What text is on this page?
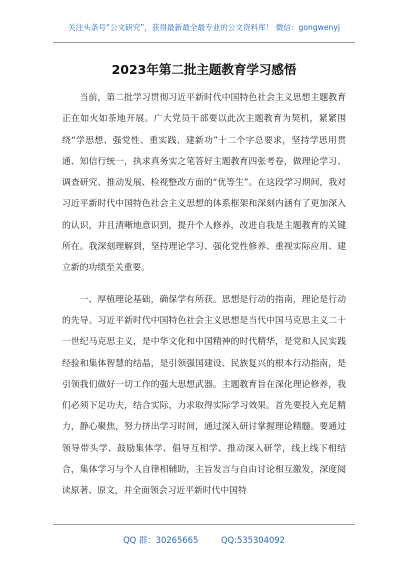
关注头条号“公文研究”，获得最新最全最专业的公文资料库！ 微信：gongwenyj
2023年第二批主题教育学习感悟

当前，第二批学习贯彻习近平新时代中国特色社会主义思想主题教育正在如火如荼地开展。广大党员干部要以此次主题教育为契机，紧紧围绕“学思想、强党性、重实践、建新功”十二个字总要求，坚持学思用贯通、知信行统一，执求真务实之笔答好主题教育四张考卷，做理论学习、调查研究、推动发展、检视整改方面的“优等生”。在这段学习期间，我对习近平新时代中国特色社会主义思想的体系框架和深刻内涵有了更加深入的认识，并且清晰地意识到，提升个人修养，改进自我是主题教育的关键所在。我深刻理解到，坚持理论学习、强化党性修养、重视实际应用、建立新的功绩至关重要。

一、厚植理论基础，确保学有所获。思想是行动的指南，理论是行动的先导。习近平新时代中国特色社会主义思想是当代中国马克思主义二十一世纪马克思主义，是中华文化和中国精神的时代精华，是党和人民实践经验和集体智慧的结晶，是引领强国建设、民族复兴的根本行动指南，是引领我们做好一切工作的强大思想武器。主题教育旨在深化理论修养，我们必须下足功夫，结合实际，力求取得实际学习效果。首先要投入充足精力，静心聚焦，努力挤出学习时间，通过深入研讨掌握理论精髓。要通过领导带头学、鼓励集体学、倡导互相学、推动深入研学，线上线下相结合，集体学习与个人自律相辅助，主旨发言与自由讨论相互激发，深度阅读原著、原文，并全面领会习近平新时代中国特

QQ 群：30265665	QQ:535304092
